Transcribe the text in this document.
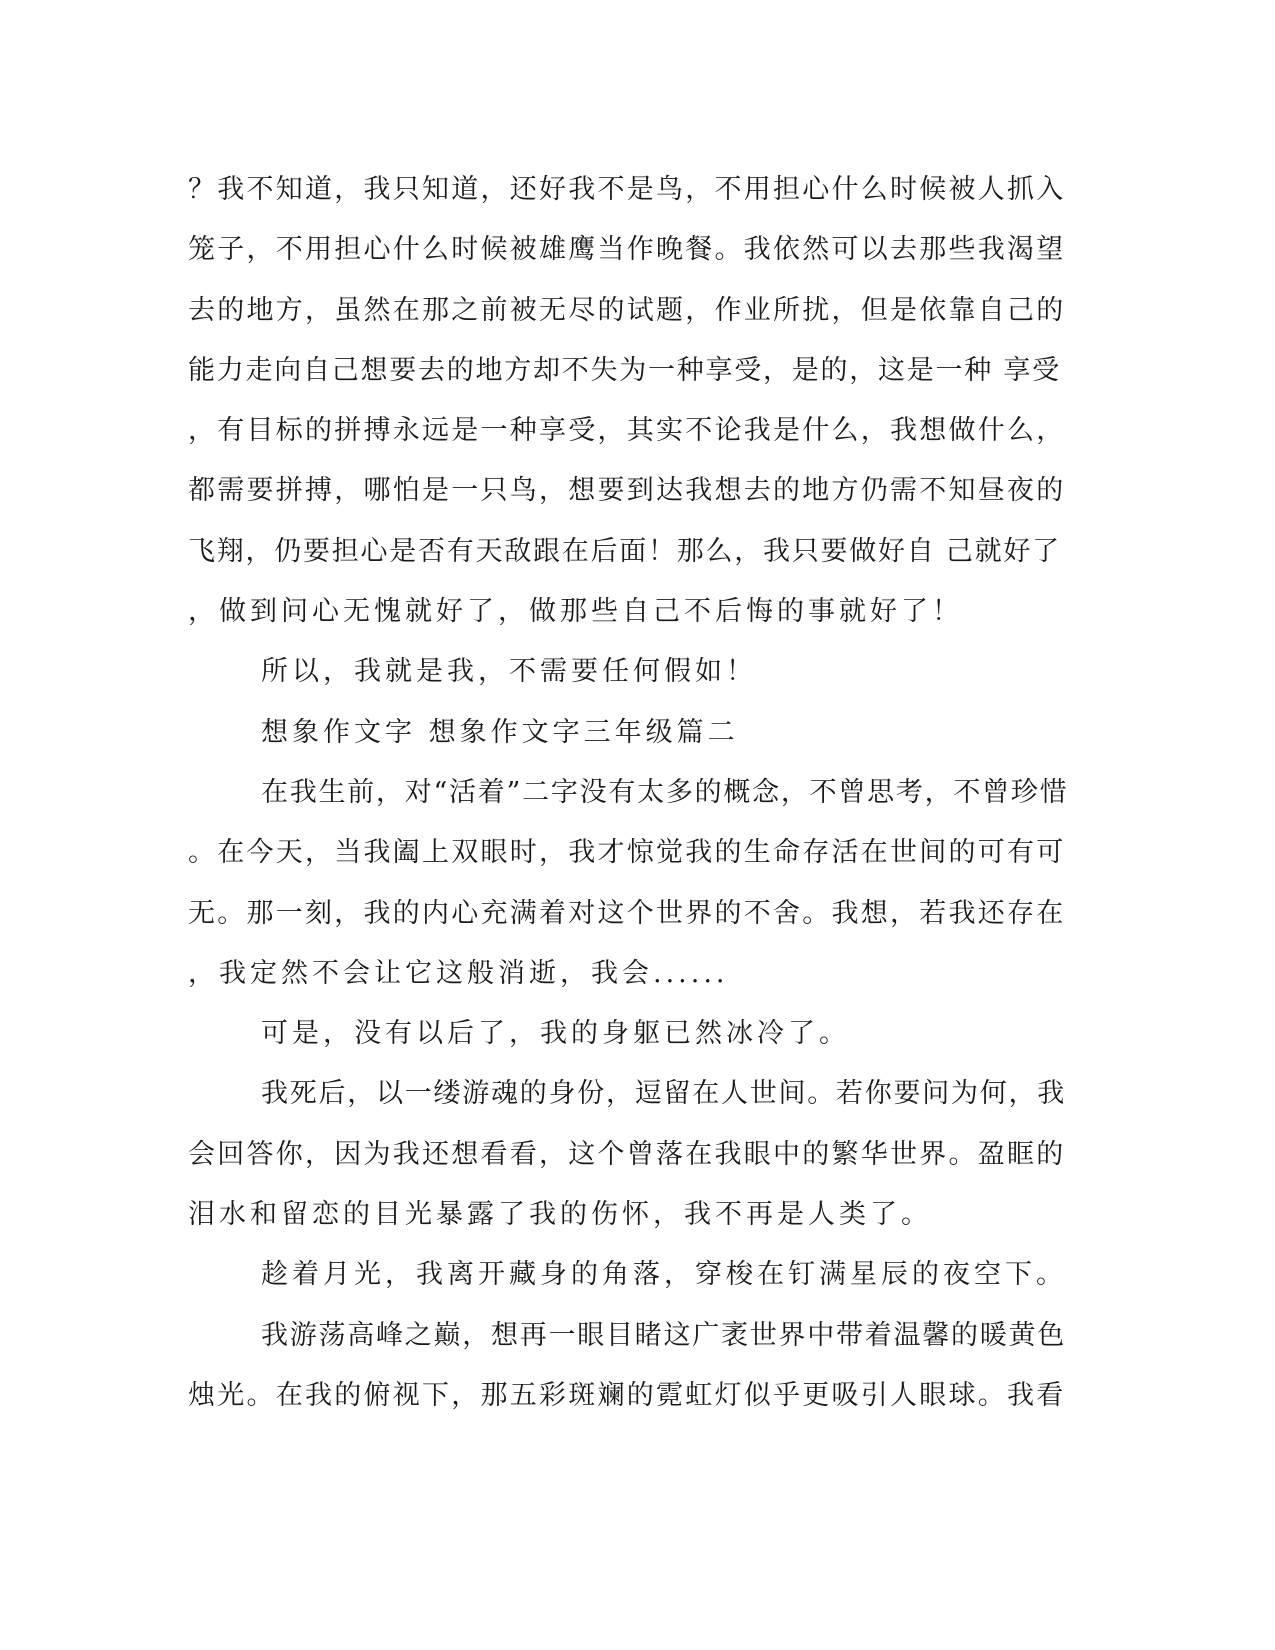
？我不知道，我只知道，还好我不是鸟，不用担心什么时候被人抓入
笼子，不用担心什么时候被雄鹰当作晚餐。我依然可以去那些我渴望
去的地方，虽然在那之前被无尽的试题，作业所扰，但是依靠自己的
能力走向自己想要去的地方却不失为一种享受，是的，这是一种 享受
，有目标的拼搏永远是一种享受，其实不论我是什么，我想做什么，
都需要拼搏，哪怕是一只鸟，想要到达我想去的地方仍需不知昼夜的
飞翔，仍要担心是否有天敌跟在后面！那么，我只要做好自 己就好了
，做到问心无愧就好了，做那些自己不后悔的事就好了！
所以，我就是我，不需要任何假如！
想象作文字 想象作文字三年级篇二
在我生前，对“活着”二字没有太多的概念，不曾思考，不曾珍惜
。在今天，当我阖上双眼时，我才惊觉我的生命存活在世间的可有可
无。那一刻，我的内心充满着对这个世界的不舍。我想，若我还存在
，我定然不会让它这般消逝，我会......
可是，没有以后了，我的身躯已然冰冷了。
我死后，以一缕游魂的身份，逗留在人世间。若你要问为何，我
会回答你，因为我还想看看，这个曾落在我眼中的繁华世界。盈眶的
泪水和留恋的目光暴露了我的伤怀，我不再是人类了。
趁着月光，我离开藏身的角落，穿梭在钉满星辰的夜空下。
我游荡高峰之巅，想再一眼目睹这广袤世界中带着温馨的暖黄色
烛光。在我的俯视下，那五彩斑斓的霓虹灯似乎更吸引人眼球。我看
